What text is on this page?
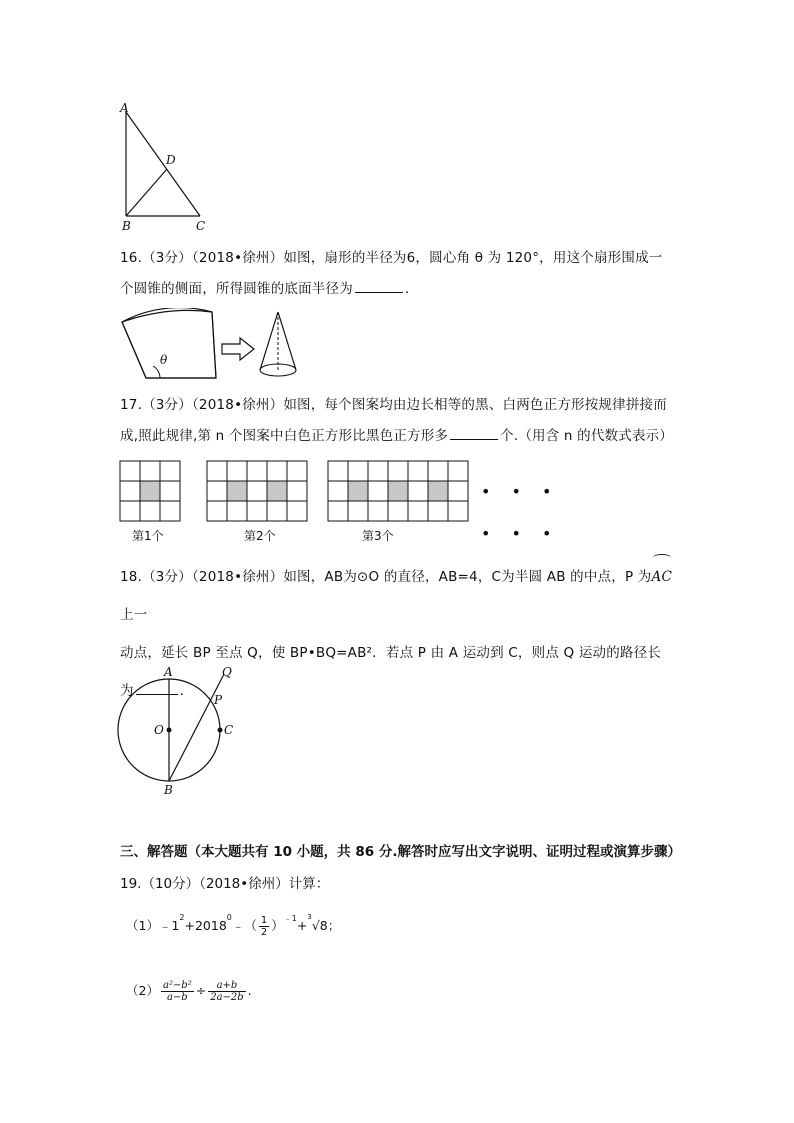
A
D
B	C
16.（3分）（2018•徐州）如图，扇形的半径为6，圆心角 θ 为 120°，用这个扇形围成一
个圆锥的侧面，所得圆锥的底面半径为	．
θ
17.（3分）（2018•徐州）如图，每个图案均由边长相等的黑、白两色正方形按规律拼接而
成,照此规律,第 n 个图案中白色正方形比黑色正方形多	个.（用含 n 的代数式表示）
• • •
• • •
第1个	第2个	第3个
18.（3分）（2018•徐州）如图，AB为⊙O 的直径，AB=4，C为半圆 AB 的中点，P 为
AC上一
动点，延长 BP 至点 Q，使 BP•BQ=AB²．若点 P 由 A 运动到 C，则点 Q 运动的路径长
为	．
A	Q
P
O	C
B
三、解答题（本大题共有 10 小题，共 86 分.解答时应写出文字说明、证明过程或演算步骤）
19.（10分）（2018•徐州）计算：
$(1)﹣1^2+2018^0﹣( \frac{1}{2} )^{﹣1}+^3√8$；
$(2) \frac{\text{a²−b²}}{a-b} \div \frac{a+b}{2a-2b}$ .
